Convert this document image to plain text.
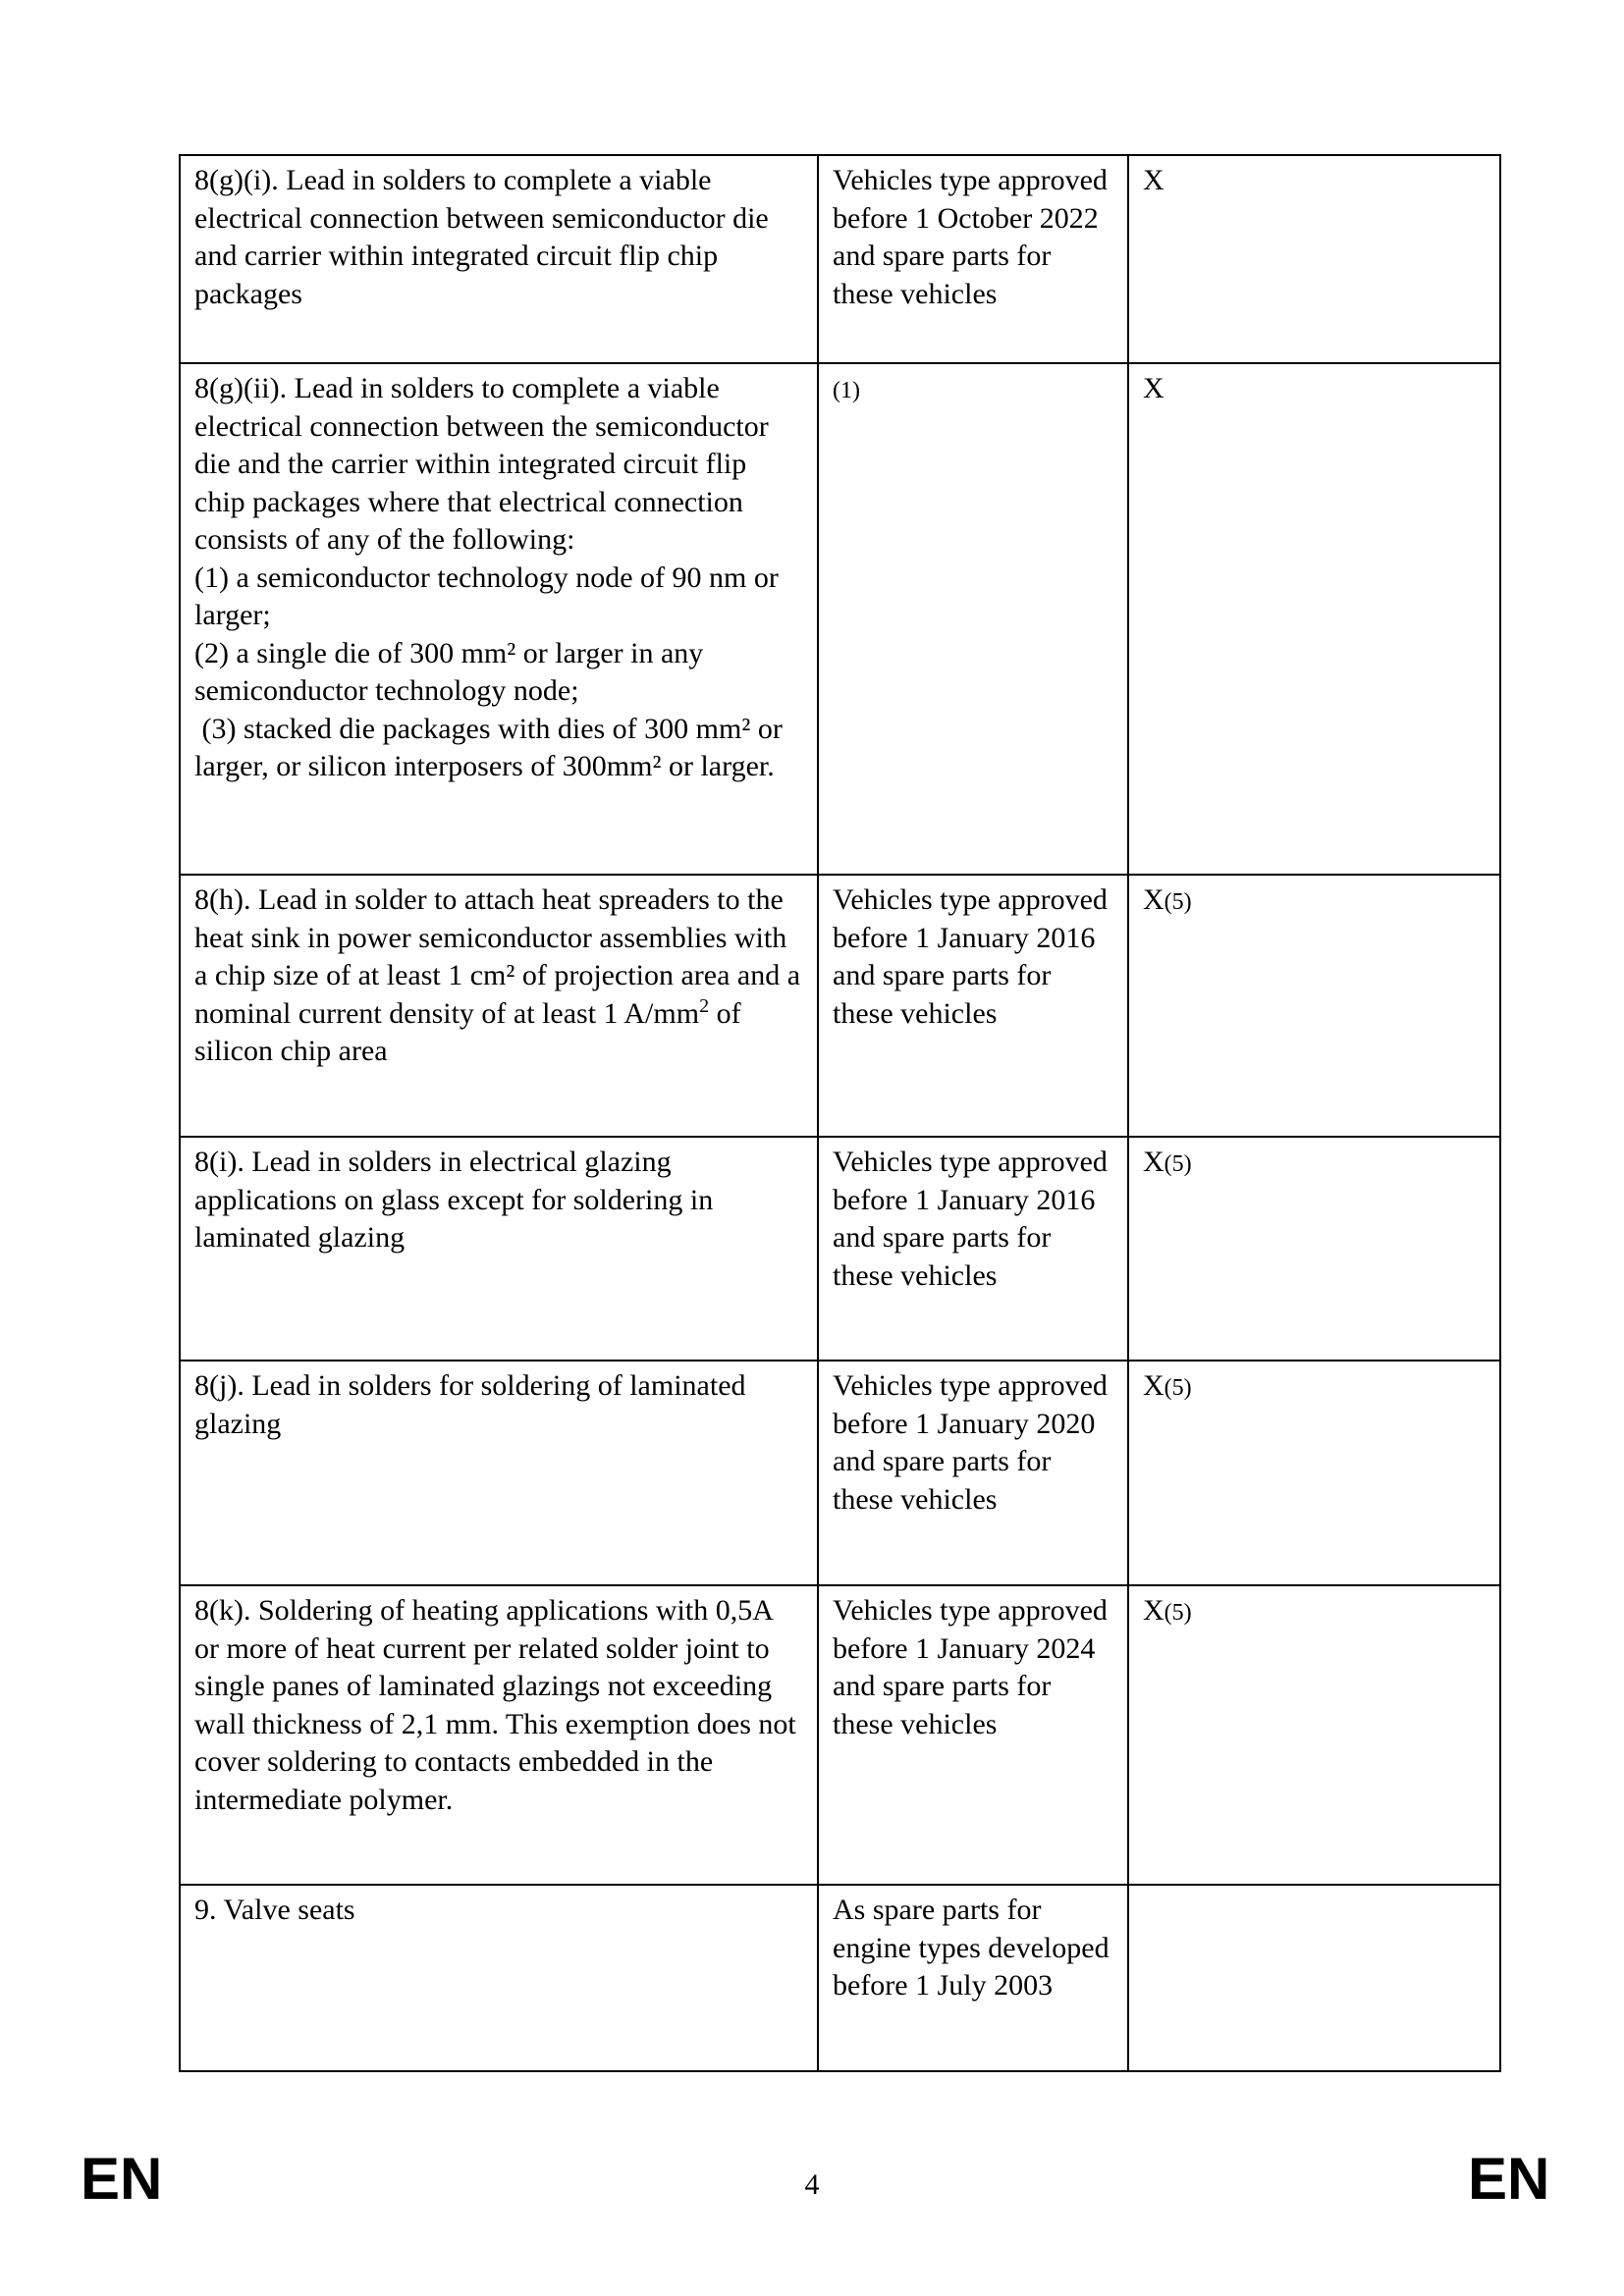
8(g)(i). Lead in solders to complete a viable electrical connection between semiconductor die and carrier within integrated circuit flip chip packages	Vehicles type approved before 1 October 2022 and spare parts for these vehicles	X

8(g)(ii). Lead in solders to complete a viable electrical connection between the semiconductor die and the carrier within integrated circuit flip chip packages where that electrical connection consists of any of the following:
(1) a semiconductor technology node of 90 nm or larger;
(2) a single die of 300 mm² or larger in any semiconductor technology node;
(3) stacked die packages with dies of 300 mm² or larger, or silicon interposers of 300mm² or larger.	(1)	X
8(h). Lead in solder to attach heat spreaders to the heat sink in power semiconductor assemblies with a chip size of at least 1 cm² of projection area and a nominal current density of at least 1 $A/mm^2$ of silicon chip area	Vehicles type approved before 1 January 2016 and spare parts for these vehicles	X(5)
8(i). Lead in solders in electrical glazing applications on glass except for soldering in laminated glazing	Vehicles type approved before 1 January 2016 and spare parts for these vehicles	X(5)
8(j). Lead in solders for soldering of laminated glazing	Vehicles type approved before 1 January 2020 and spare parts for these vehicles	X(5)
8(k). Soldering of heating applications with 0,5A or more of heat current per related solder joint to single panes of laminated glazings not exceeding wall thickness of 2,1 mm. This exemption does not cover soldering to contacts embedded in the intermediate polymer.	Vehicles type approved before 1 January 2024 and spare parts for these vehicles	X(5)
9. Valve seats	As spare parts for engine types developed before 1 July 2003	
EN	4	EN
